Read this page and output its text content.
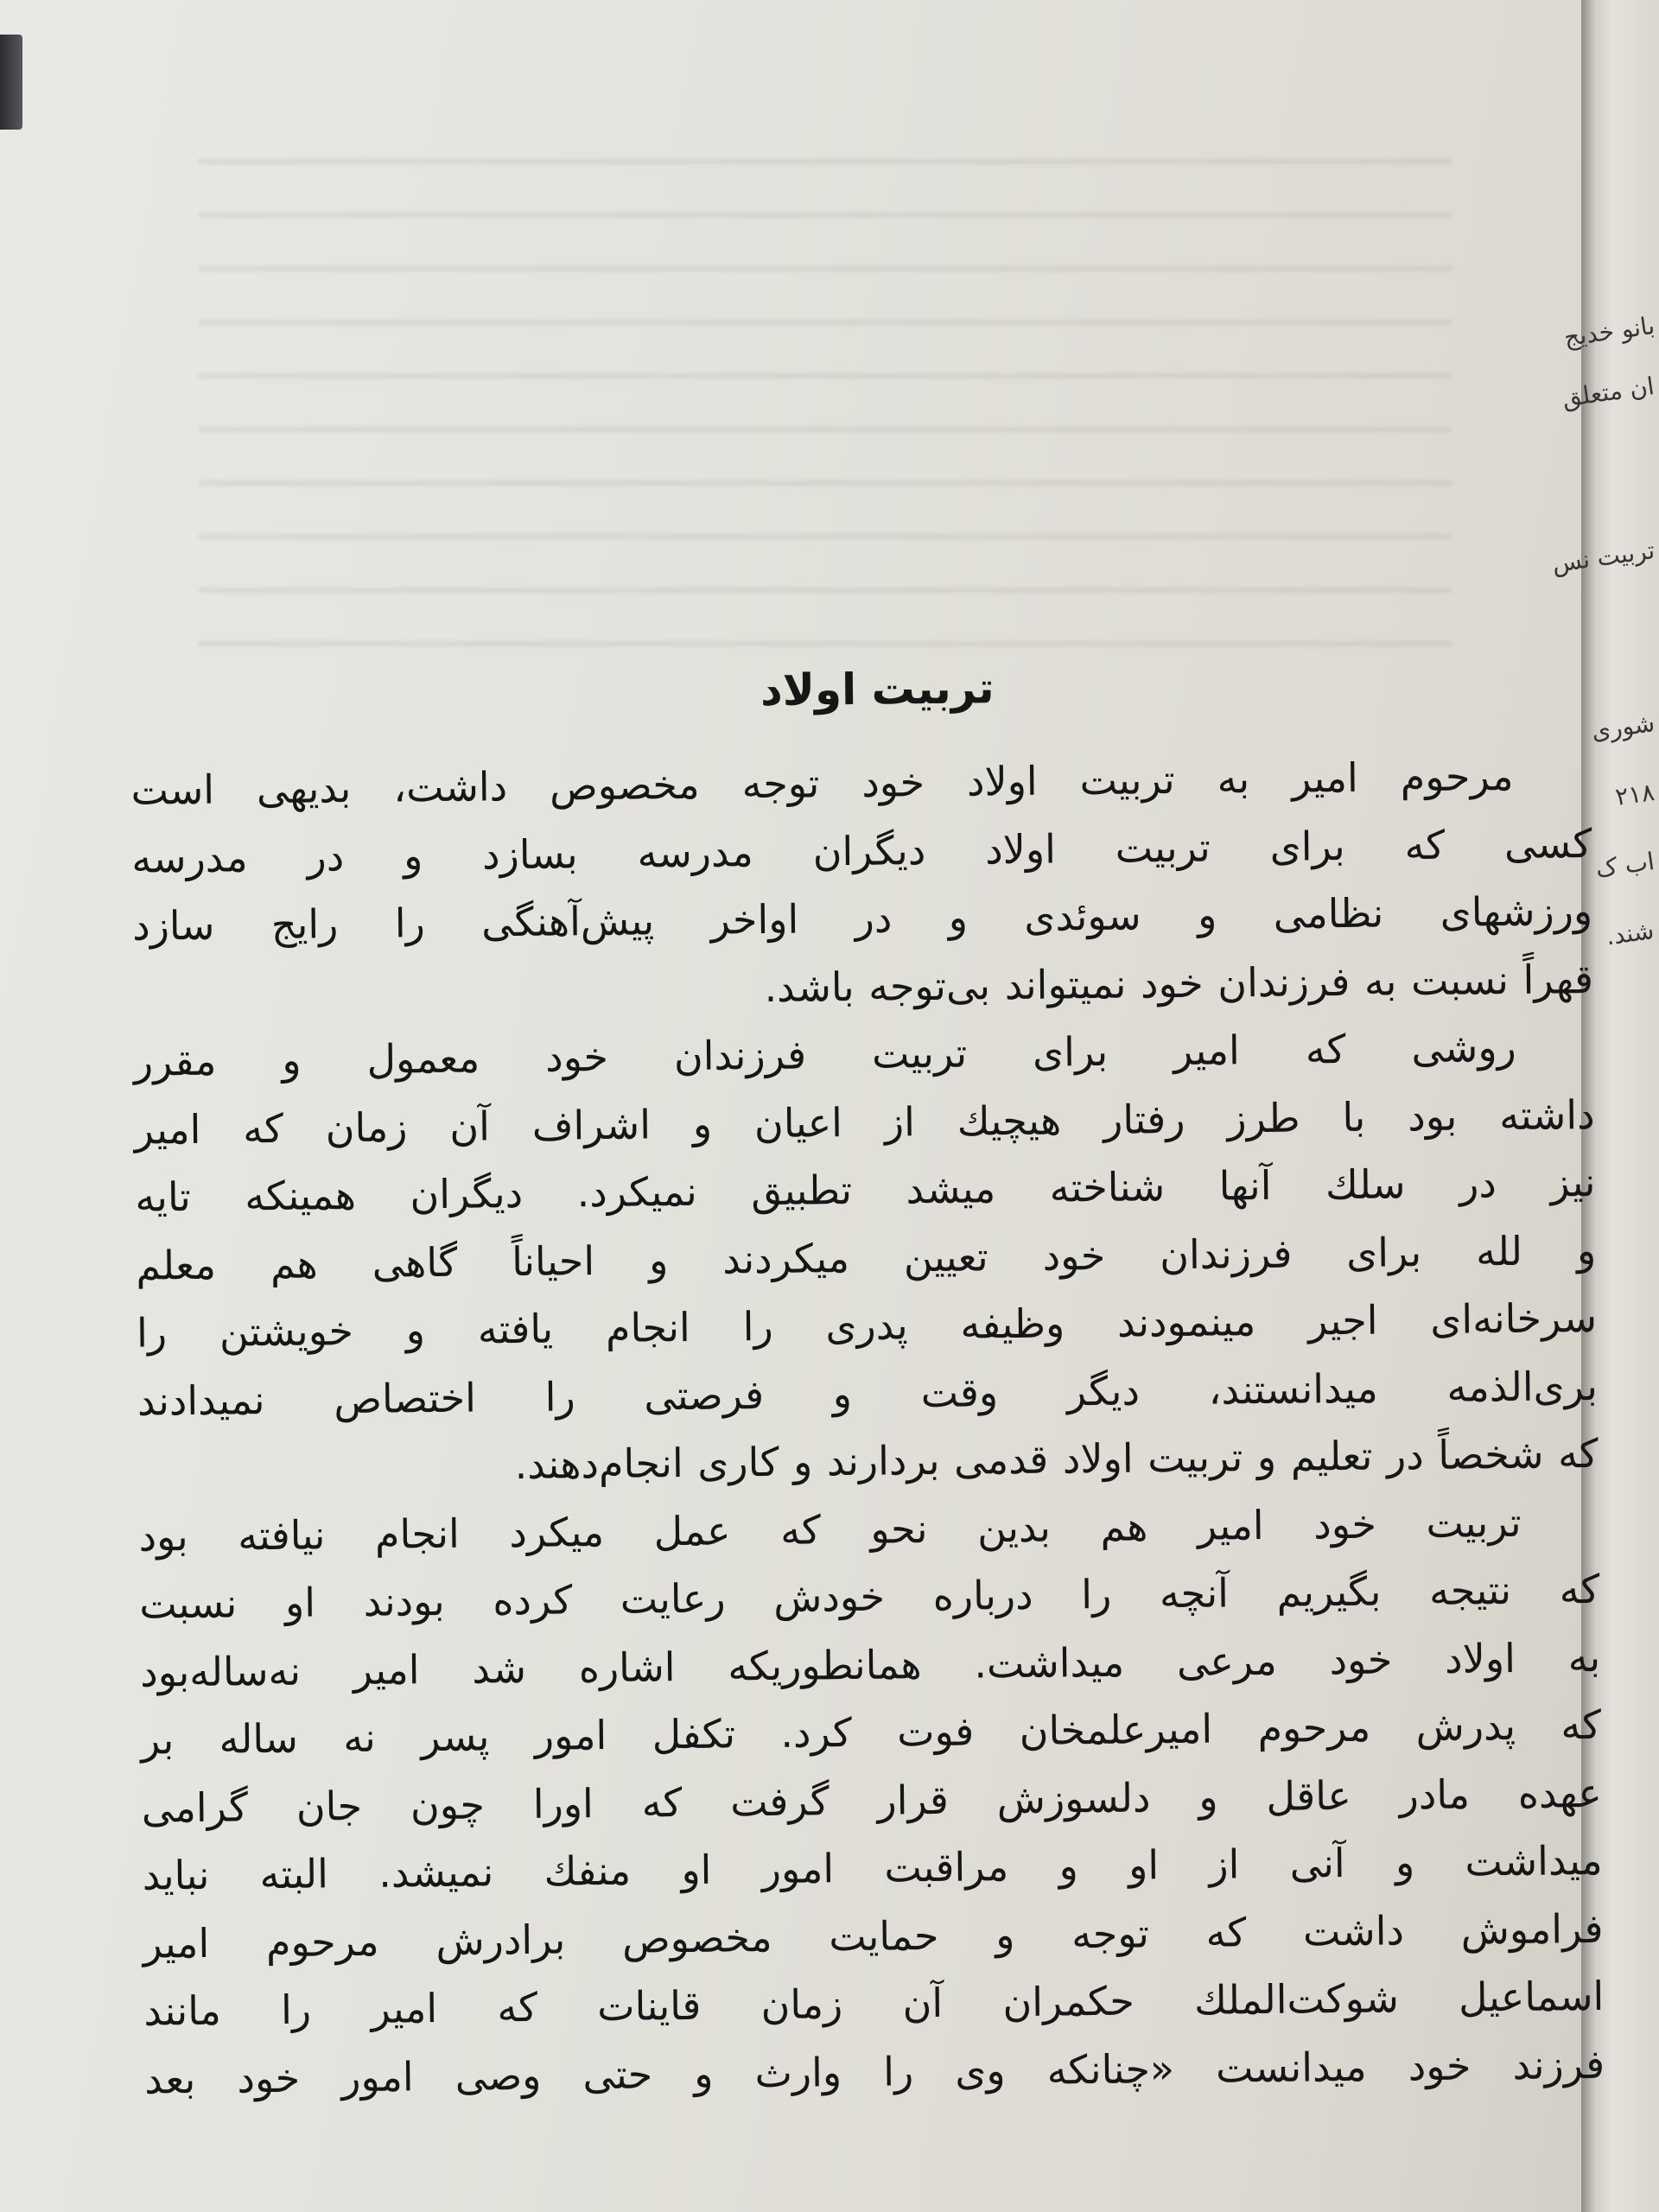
بانو خدیج
ان متعلق
تربیت نس
شوری
۲۱۸
اب ک
شند.
تربیت اولاد
مرحوم امیر به تربیت اولاد خود توجه مخصوص داشت، بدیهی است
کسی که برای تربیت اولاد دیگران مدرسه بسازد و در مدرسه
ورزشهای نظامی و سوئدی و در اواخر پیش‌آهنگی را رایج سازد
قهراً نسبت به فرزندان خود نمیتواند بی‌توجه باشد.
روشی که امیر برای تربیت فرزندان خود معمول و مقرر
داشته بود با طرز رفتار هیچیك از اعیان و اشراف آن زمان که امیر
نیز در سلك آنها شناخته میشد تطبیق نمیکرد. دیگران همینکه تایه
و لله برای فرزندان خود تعیین میکردند و احیاناً گاهی هم معلم
سرخانه‌ای اجیر مینمودند وظیفه پدری را انجام یافته و خویشتن را
بری‌الذمه میدانستند، دیگر وقت و فرصتی را اختصاص نمیدادند
که شخصاً در تعلیم و تربیت اولاد قدمی بردارند و کاری انجام‌دهند.
تربیت خود امیر هم بدین نحو که عمل میکرد انجام نیافته بود
که نتیجه بگیریم آنچه را درباره خودش رعایت کرده بودند او نسبت
به اولاد خود مرعی میداشت. همانطوریکه اشاره شد امیر نه‌ساله‌بود
که پدرش مرحوم امیرعلمخان فوت کرد. تکفل امور پسر نه ساله بر
عهده مادر عاقل و دلسوزش قرار گرفت که اورا چون جان گرامی
میداشت و آنی از او و مراقبت امور او منفك نمیشد. البته نباید
فراموش داشت که توجه و حمایت مخصوص برادرش مرحوم امیر
اسماعیل شوکت‌الملك حکمران آن زمان قاینات که امیر را مانند
فرزند خود میدانست «چنانکه وی را وارث و حتی وصی امور خود بعد
